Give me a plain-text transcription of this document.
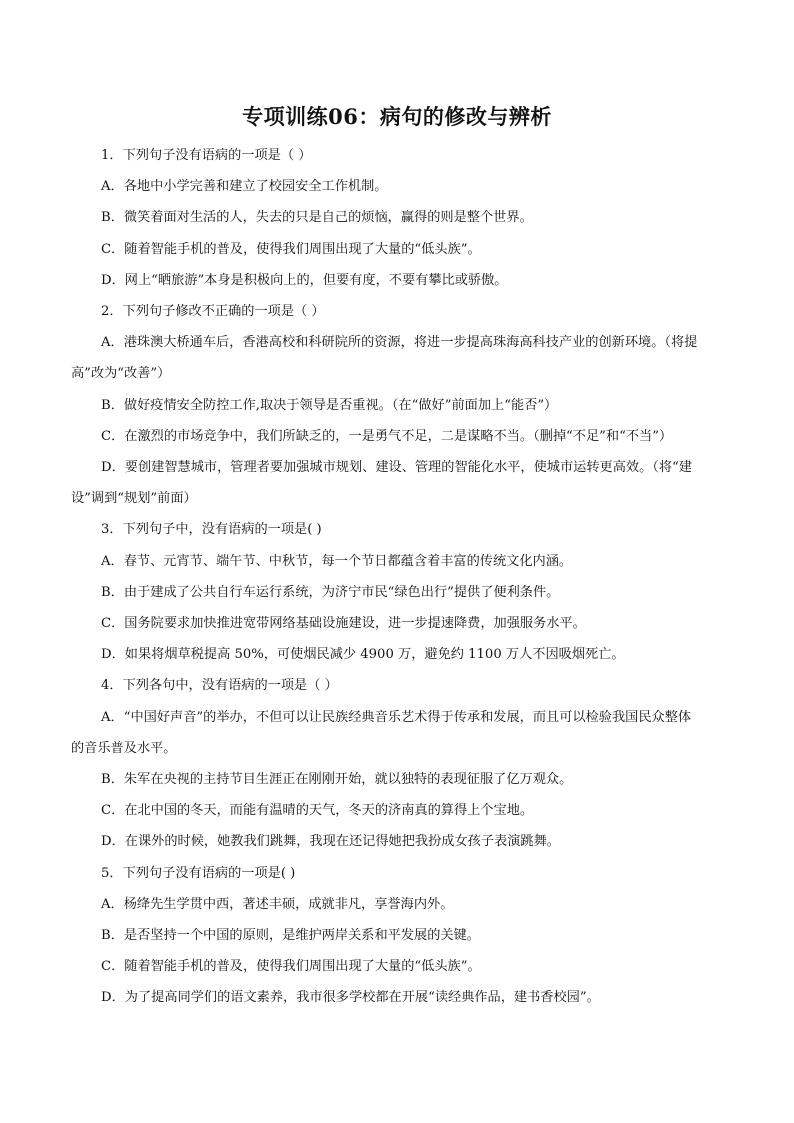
专项训练06：病句的修改与辨析

1．下列句子没有语病的一项是（ ）

A．各地中小学完善和建立了校园安全工作机制。

B．微笑着面对生活的人，失去的只是自己的烦恼，赢得的则是整个世界。

C．随着智能手机的普及，使得我们周围出现了大量的“低头族”。

D．网上“晒旅游”本身是积极向上的，但要有度，不要有攀比或骄傲。

2．下列句子修改不正确的一项是（ ）

A．港珠澳大桥通车后，香港高校和科研院所的资源，将进一步提高珠海高科技产业的创新环境。（将提

高”改为“改善”）

B．做好疫情安全防控工作,取决于领导是否重视。（在“做好”前面加上“能否”）

C．在激烈的市场竞争中，我们所缺乏的，一是勇气不足，二是谋略不当。（删掉“不足”和“不当”）

D．要创建智慧城市，管理者要加强城市规划、建设、管理的智能化水平，使城市运转更高效。（将“建

设”调到“规划”前面）

3．下列句子中，没有语病的一项是( )

A．春节、元宵节、端午节、中秋节，每一个节日都蕴含着丰富的传统文化内涵。

B．由于建成了公共自行车运行系统，为济宁市民“绿色出行”提供了便利条件。

C．国务院要求加快推进宽带网络基础设施建设，进一步提速降费，加强服务水平。

D．如果将烟草税提高 50%，可使烟民减少 4900 万，避免约 1100 万人不因吸烟死亡。

4．下列各句中，没有语病的一项是（ ）

A．“中国好声音”的举办，不但可以让民族经典音乐艺术得于传承和发展，而且可以检验我国民众整体

的音乐普及水平。

B．朱军在央视的主持节目生涯正在刚刚开始，就以独特的表现征服了亿万观众。

C．在北中国的冬天，而能有温晴的天气，冬天的济南真的算得上个宝地。

D．在课外的时候，她教我们跳舞，我现在还记得她把我扮成女孩子表演跳舞。

5．下列句子没有语病的一项是( )

A．杨绛先生学贯中西，著述丰硕，成就非凡，享誉海内外。

B．是否坚持一个中国的原则，是维护两岸关系和平发展的关键。

C．随着智能手机的普及，使得我们周围出现了大量的“低头族”。

D．为了提高同学们的语文素养，我市很多学校都在开展“读经典作品，建书香校园”。
